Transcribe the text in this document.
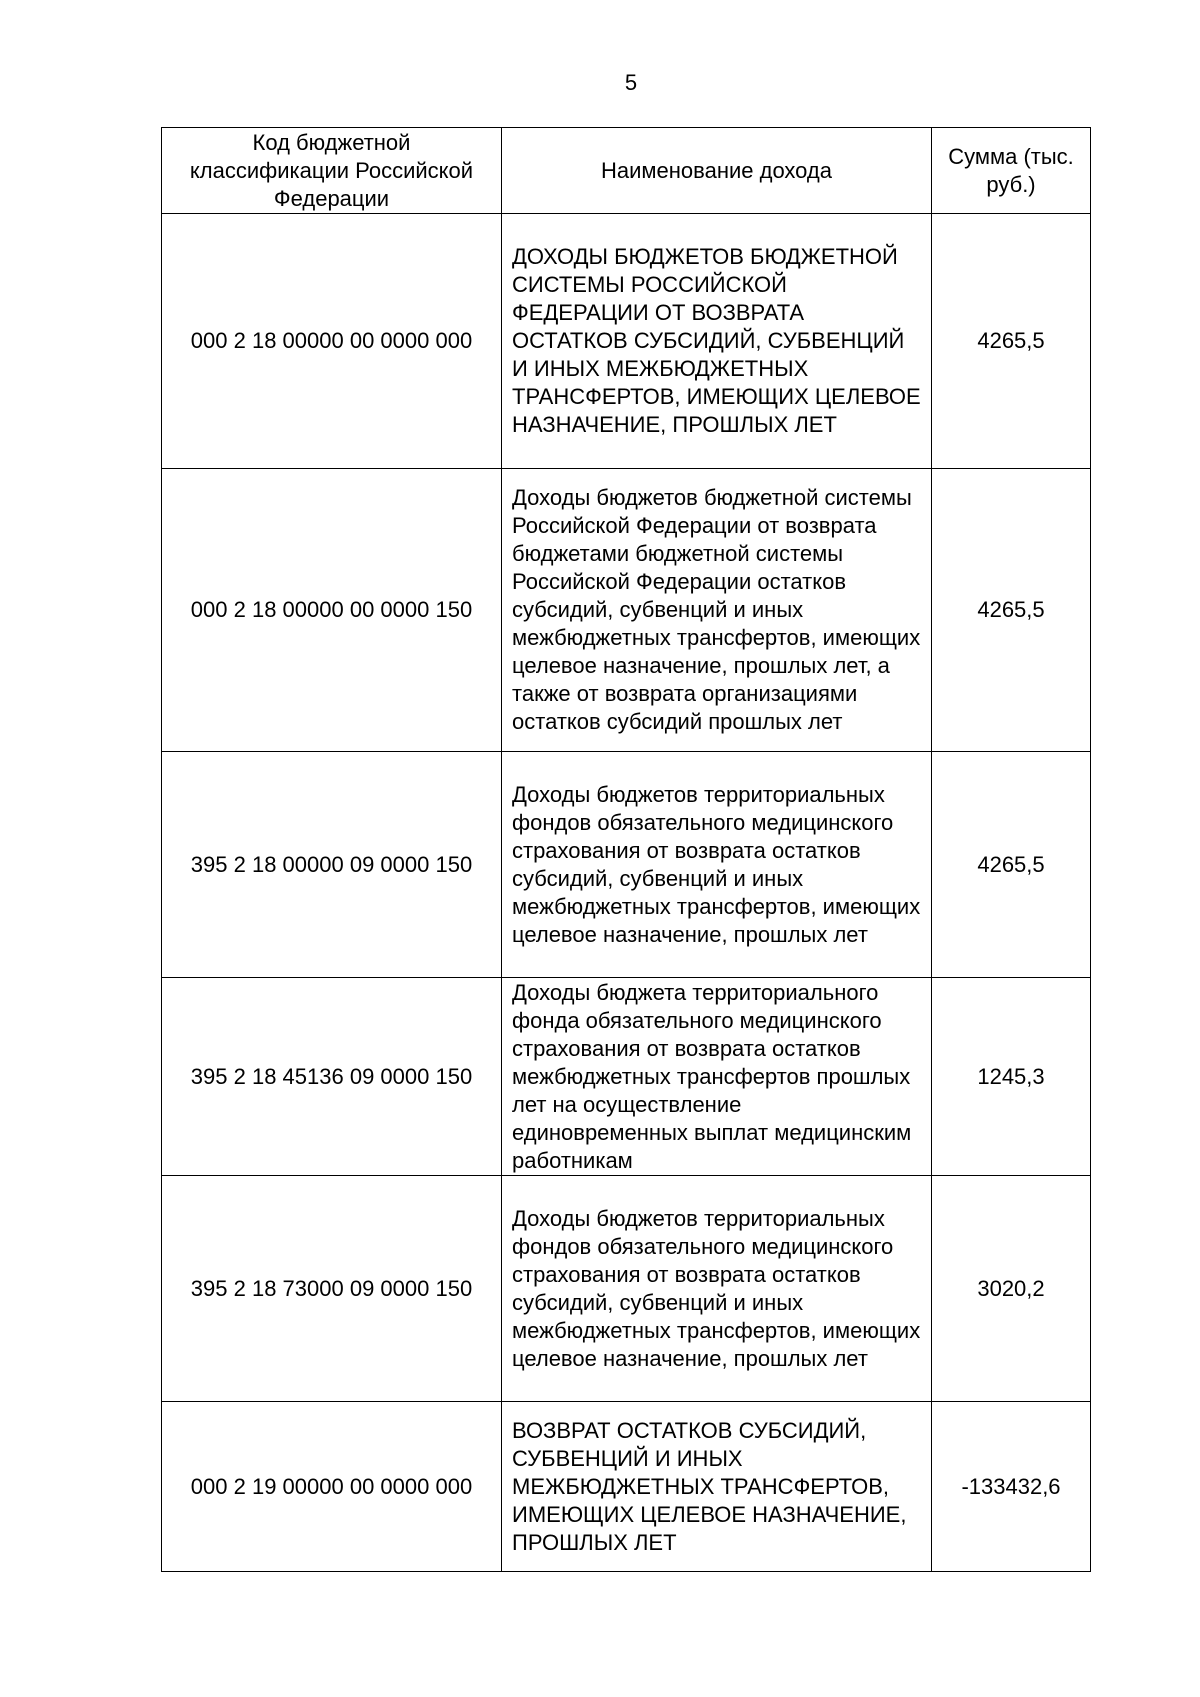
5
Код бюджетной классификации Российской Федерации	Наименование дохода	Сумма (тыс. руб.)
000 2 18 00000 00 0000 000	ДОХОДЫ БЮДЖЕТОВ БЮДЖЕТНОЙ СИСТЕМЫ РОССИЙСКОЙ ФЕДЕРАЦИИ ОТ ВОЗВРАТА ОСТАТКОВ СУБСИДИЙ, СУБВЕНЦИЙ И ИНЫХ МЕЖБЮДЖЕТНЫХ ТРАНСФЕРТОВ, ИМЕЮЩИХ ЦЕЛЕВОЕ НАЗНАЧЕНИЕ, ПРОШЛЫХ ЛЕТ	4265,5
000 2 18 00000 00 0000 150	Доходы бюджетов бюджетной системы Российской Федерации от возврата бюджетами бюджетной системы Российской Федерации остатков субсидий, субвенций и иных межбюджетных трансфертов, имеющих целевое назначение, прошлых лет, а также от возврата организациями остатков субсидий прошлых лет	4265,5
395 2 18 00000 09 0000 150	Доходы бюджетов территориальных фондов обязательного медицинского страхования от возврата остатков субсидий, субвенций и иных межбюджетных трансфертов, имеющих целевое назначение, прошлых лет	4265,5
395 2 18 45136 09 0000 150	Доходы бюджета территориального фонда обязательного медицинского страхования от возврата остатков межбюджетных трансфертов прошлых лет на осуществление единовременных выплат медицинским работникам	1245,3
395 2 18 73000 09 0000 150	Доходы бюджетов территориальных фондов обязательного медицинского страхования от возврата остатков субсидий, субвенций и иных межбюджетных трансфертов, имеющих целевое назначение, прошлых лет	3020,2
000 2 19 00000 00 0000 000	ВОЗВРАТ ОСТАТКОВ СУБСИДИЙ, СУБВЕНЦИЙ И ИНЫХ МЕЖБЮДЖЕТНЫХ ТРАНСФЕРТОВ, ИМЕЮЩИХ ЦЕЛЕВОЕ НАЗНАЧЕНИЕ, ПРОШЛЫХ ЛЕТ	-133432,6
